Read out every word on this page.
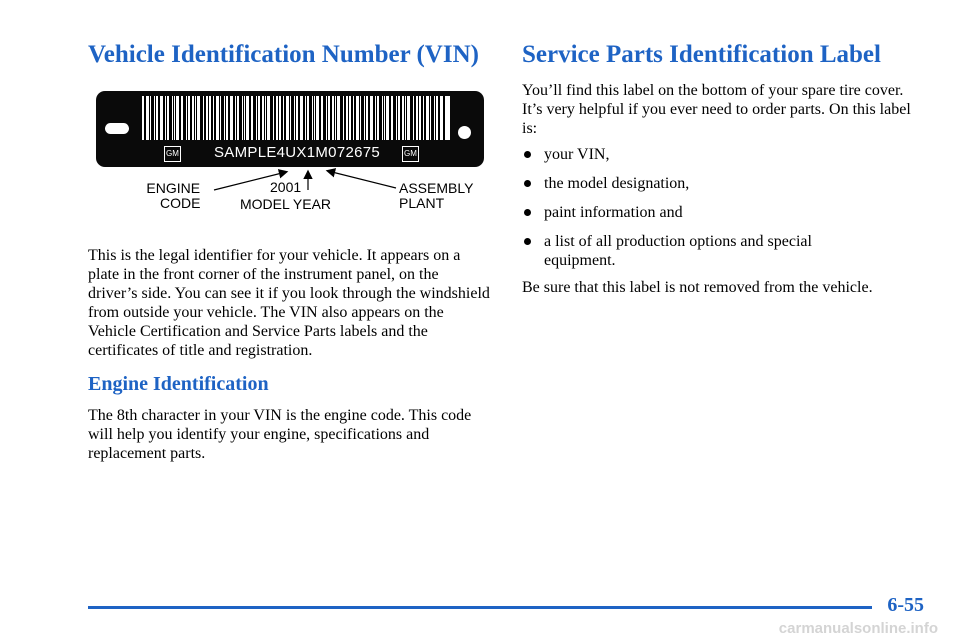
Vehicle Identification Number (VIN)
GM SAMPLE4UX1M072675	GM
ENGINE
CODE
2001
MODEL YEAR
ASSEMBLY
PLANT

This is the legal identifier for your vehicle. It appears on a plate in the front corner of the instrument panel, on the driver’s side. You can see it if you look through the windshield from outside your vehicle. The VIN also appears on the Vehicle Certification and Service Parts labels and the certificates of title and registration.

Engine Identification

The 8th character in your VIN is the engine code. This code will help you identify your engine, specifications and replacement parts.

Service Parts Identification Label

You’ll find this label on the bottom of your spare tire cover. It’s very helpful if you ever need to order parts. On this label is:

your VIN,
the model designation,
paint information and
a list of all production options and special equipment.

Be sure that this label is not removed from the vehicle.

6-55
carmanualsonline.info
